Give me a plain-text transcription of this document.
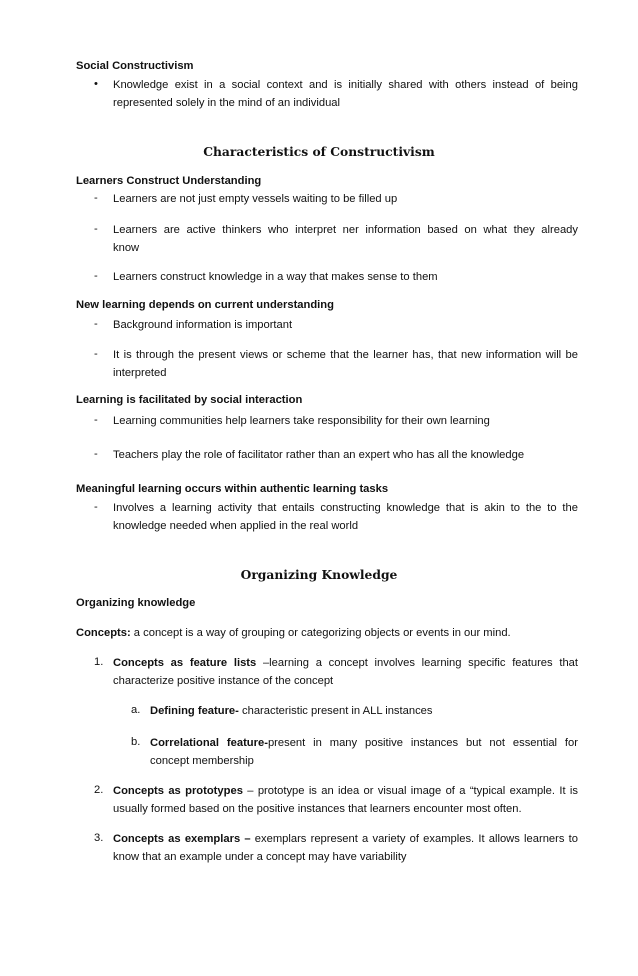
Social Constructivism
• Knowledge exist in a social context and is initially shared with others instead of being
represented solely in the mind of an individual
Characteristics of Constructivism
Learners Construct Understanding
- Learners are not just empty vessels waiting to be filled up
- Learners are active thinkers who interpret ner information based on what they already
know
- Learners construct knowledge in a way that makes sense to them
New learning depends on current understanding
- Background information is important
- It is through the present views or scheme that the learner has, that new information will be
interpreted
Learning is facilitated by social interaction
- Learning communities help learners take responsibility for their own learning
- Teachers play the role of facilitator rather than an expert who has all the knowledge
Meaningful learning occurs within authentic learning tasks
- Involves a learning activity that entails constructing knowledge that is akin to the to the
knowledge needed when applied in the real world
Organizing Knowledge
Organizing knowledge
Concepts: a concept is a way of grouping or categorizing objects or events in our mind.
1. Concepts as feature lists –learning a concept involves learning specific features that
characterize positive instance of the concept
a. Defining feature- characteristic present in ALL instances
b. Correlational feature-present in many positive instances but not essential for
concept membership
2. Concepts as prototypes – prototype is an idea or visual image of a “typical example. It is
usually formed based on the positive instances that learners encounter most often.
3. Concepts as exemplars – exemplars represent a variety of examples. It allows learners to
know that an example under a concept may have variability
